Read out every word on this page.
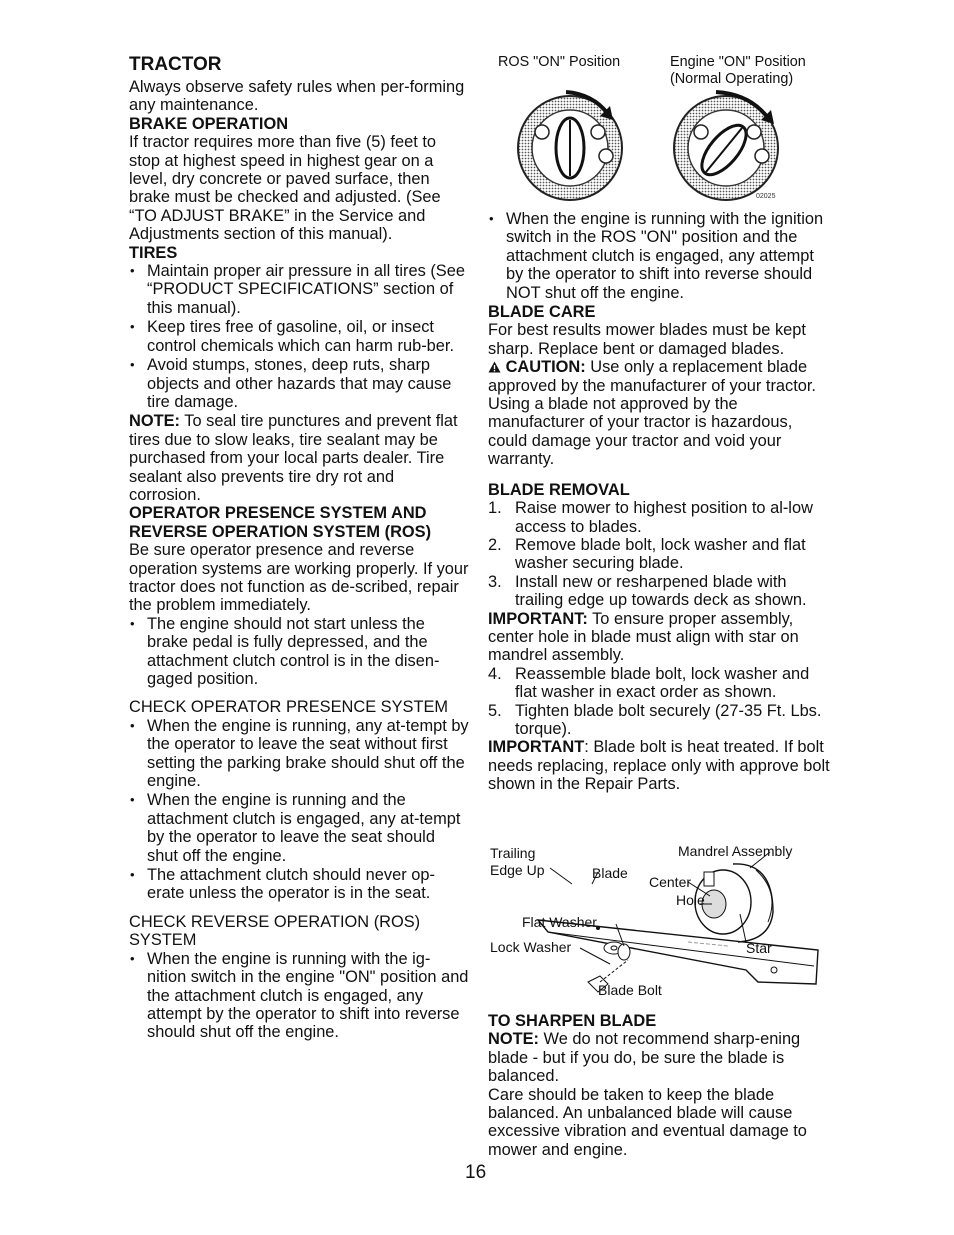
TRACTOR

Always observe safety rules when per-forming any maintenance.

BRAKE OPERATION

If tractor requires more than five (5) feet to stop at highest speed in highest gear on a level, dry concrete or paved surface, then brake must be checked and adjusted. (See “TO ADJUST BRAKE” in the Service and Adjustments section of this manual).

TIRES
• Maintain proper air pressure in all tires (See “PRODUCT SPECIFICATIONS” section of this manual).
• Keep tires free of gasoline, oil, or insect control chemicals which can harm rub-ber.
• Avoid stumps, stones, deep ruts, sharp objects and other hazards that may cause tire damage.

NOTE: To seal tire punctures and prevent flat tires due to slow leaks, tire sealant may be purchased from your local parts dealer. Tire sealant also prevents tire dry rot and corrosion.

OPERATOR PRESENCE SYSTEM AND REVERSE OPERATION SYSTEM (ROS)

Be sure operator presence and reverse operation systems are working properly. If your tractor does not function as de-scribed, repair the problem immediately.

• The engine should not start unless the brake pedal is fully depressed, and the attachment clutch control is in the disen-gaged position.
CHECK OPERATOR PRESENCE SYSTEM
• When the engine is running, any at-tempt by the operator to leave the seat without first setting the parking brake should shut off the engine.
• When the engine is running and the attachment clutch is engaged, any at-tempt by the operator to leave the seat should shut off the engine.
• The attachment clutch should never op-erate unless the operator is in the seat.
CHECK REVERSE OPERATION (ROS) SYSTEM
• When the engine is running with the ig-nition switch in the engine "ON" position and the attachment clutch is engaged, any attempt by the operator to shift into reverse should shut off the engine.
ROS "ON" Position	Engine "ON" Position
(Normal Operating)
02025
• When the engine is running with the ignition switch in the ROS "ON" position and the attachment clutch is engaged, any attempt by the operator to shift into reverse should NOT shut off the engine.
BLADE CARE

For best results mower blades must be kept sharp. Replace bent or damaged blades.

CAUTION: Use only a replacement blade approved by the manufacturer of your tractor. Using a blade not approved by the manufacturer of your tractor is hazardous, could damage your tractor and void your warranty.

BLADE REMOVAL
1. Raise mower to highest position to al-low access to blades.
2. Remove blade bolt, lock washer and flat washer securing blade.
3. Install new or resharpened blade with trailing edge up towards deck as shown.

IMPORTANT: To ensure proper assembly, center hole in blade must align with star on mandrel assembly.

4. Reassemble blade bolt, lock washer and flat washer in exact order as shown.
5. Tighten blade bolt securely (27-35 Ft. Lbs. torque).

IMPORTANT: Blade bolt is heat treated. If bolt needs replacing, replace only with approve bolt shown in the Repair Parts.

Trailing
Edge Up	Blade
Mandrel Assembly
Center
Hole
Flat Washer
Lock Washer	Star
Blade Bolt
TO SHARPEN BLADE

NOTE: We do not recommend sharp-ening blade - but if you do, be sure the blade is balanced.

Care should be taken to keep the blade balanced. An unbalanced blade will cause excessive vibration and eventual damage to mower and engine.

16
